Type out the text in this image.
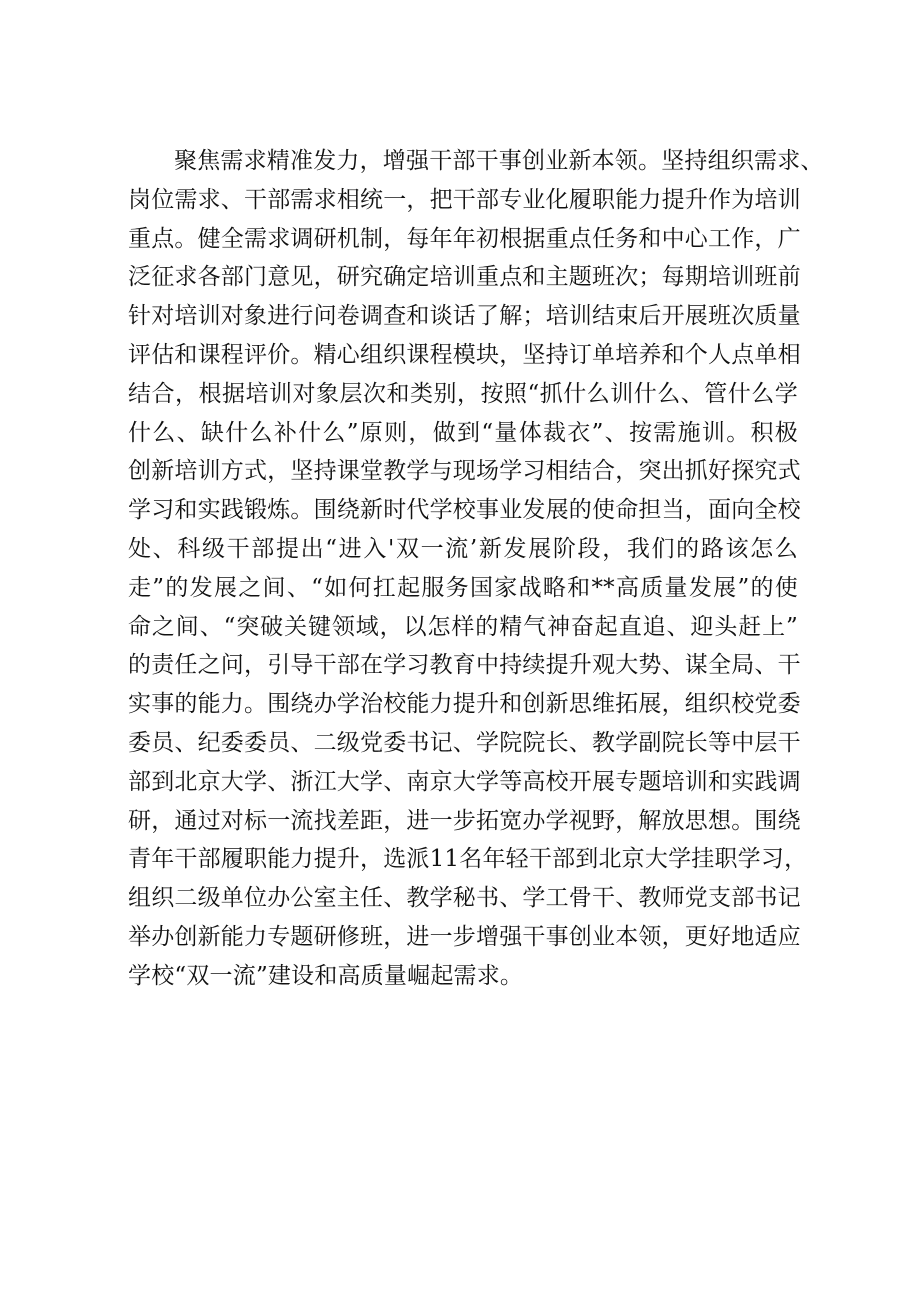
聚焦需求精准发力，增强干部干事创业新本领。坚持组织需求、
岗位需求、干部需求相统一，把干部专业化履职能力提升作为培训
重点。健全需求调研机制，每年年初根据重点任务和中心工作，广
泛征求各部门意见，研究确定培训重点和主题班次；每期培训班前
针对培训对象进行问卷调查和谈话了解；培训结束后开展班次质量
评估和课程评价。精心组织课程模块，坚持订单培养和个人点单相
结合，根据培训对象层次和类别，按照“抓什么训什么、管什么学
什么、缺什么补什么”原则，做到“量体裁衣”、按需施训。积极
创新培训方式，坚持课堂教学与现场学习相结合，突出抓好探究式
学习和实践锻炼。围绕新时代学校事业发展的使命担当，面向全校
处、科级干部提出“进入'双一流’新发展阶段，我们的路该怎么
走”的发展之间、“如何扛起服务国家战略和**高质量发展”的使
命之间、“突破关键领域，以怎样的精气神奋起直追、迎头赶上”
的责任之问，引导干部在学习教育中持续提升观大势、谋全局、干
实事的能力。围绕办学治校能力提升和创新思维拓展，组织校党委
委员、纪委委员、二级党委书记、学院院长、教学副院长等中层干
部到北京大学、浙江大学、南京大学等高校开展专题培训和实践调
研，通过对标一流找差距，进一步拓宽办学视野，解放思想。围绕
青年干部履职能力提升，选派11名年轻干部到北京大学挂职学习，
组织二级单位办公室主任、教学秘书、学工骨干、教师党支部书记
举办创新能力专题研修班，进一步增强干事创业本领，更好地适应
学校“双一流”建设和高质量崛起需求。
